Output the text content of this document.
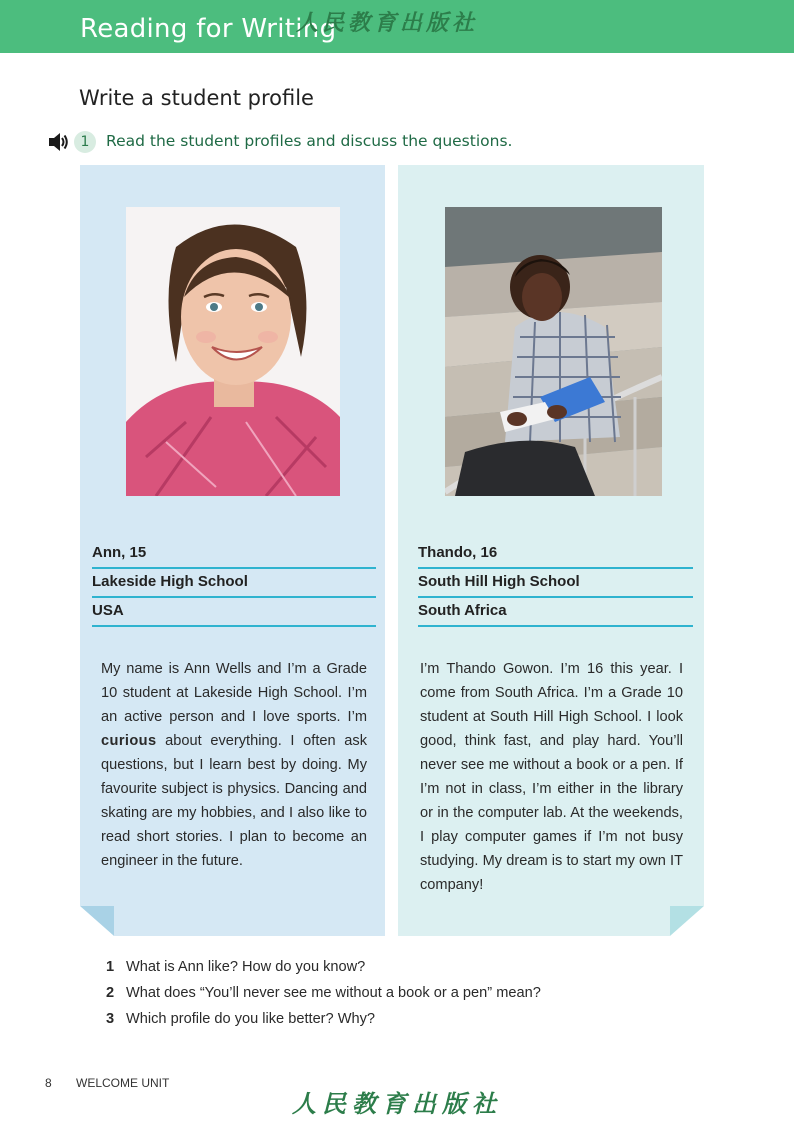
Reading for Writing
人民教育出版社
Write a student profile
1	Read the student profiles and discuss the questions.
Ann, 15
Lakeside High School
USA
My name is Ann Wells and I’m a Grade 10 student at Lakeside High School. I’m an active person and I love sports. I’m curious about everything. I often ask questions, but I learn best by doing. My favourite subject is physics. Dancing and skating are my hobbies, and I also like to read short stories. I plan to become an engineer in the future.
Thando, 16
South Hill High School
South Africa
I’m Thando Gowon. I’m 16 this year. I come from South Africa. I’m a Grade 10 student at South Hill High School. I look good, think fast, and play hard. You’ll never see me without a book or a pen. If I’m not in class, I’m either in the library or in the computer lab. At the weekends, I play computer games if I’m not busy studying. My dream is to start my own IT company!
1 What is Ann like? How do you know?
2 What does “You’ll never see me without a book or a pen” mean?
3 Which profile do you like better? Why?
8 WELCOME UNIT
人民教育出版社
